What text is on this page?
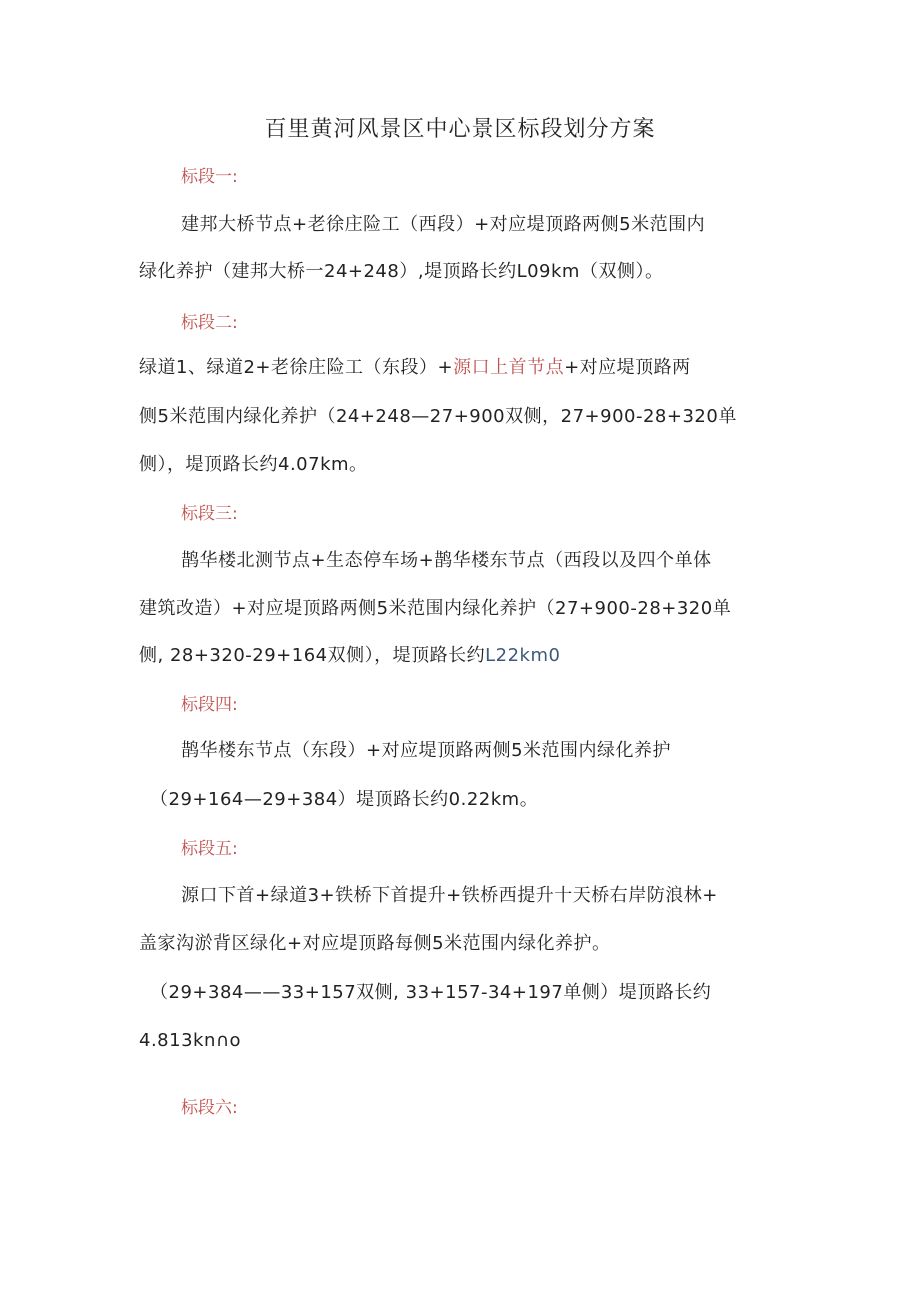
百里黄河风景区中心景区标段划分方案
标段一:
建邦大桥节点+老徐庄险工（西段）+对应堤顶路两侧5米范围内
绿化养护（建邦大桥一24+248）,堤顶路长约L09km（双侧）。
标段二:
绿道1、绿道2+老徐庄险工（东段）+源口上首节点+对应堤顶路两
侧5米范围内绿化养护（24+248—27+900双侧，27+900-28+320单
侧），堤顶路长约4.07km。
标段三:
鹊华楼北测节点+生态停车场+鹊华楼东节点（西段以及四个单体
建筑改造）+对应堤顶路两侧5米范围内绿化养护（27+900-28+320单
侧, 28+320-29+164双侧），堤顶路长约L22km0
标段四:
鹊华楼东节点（东段）+对应堤顶路两侧5米范围内绿化养护
（29+164—29+384）堤顶路长约0.22km。
标段五:
源口下首+绿道3+铁桥下首提升+铁桥西提升十天桥右岸防浪林+
盖家沟淤背区绿化+对应堤顶路每侧5米范围内绿化养护。
（29+384——33+157双侧, 33+157-34+197单侧）堤顶路长约
4.813kn∩o
标段六:
